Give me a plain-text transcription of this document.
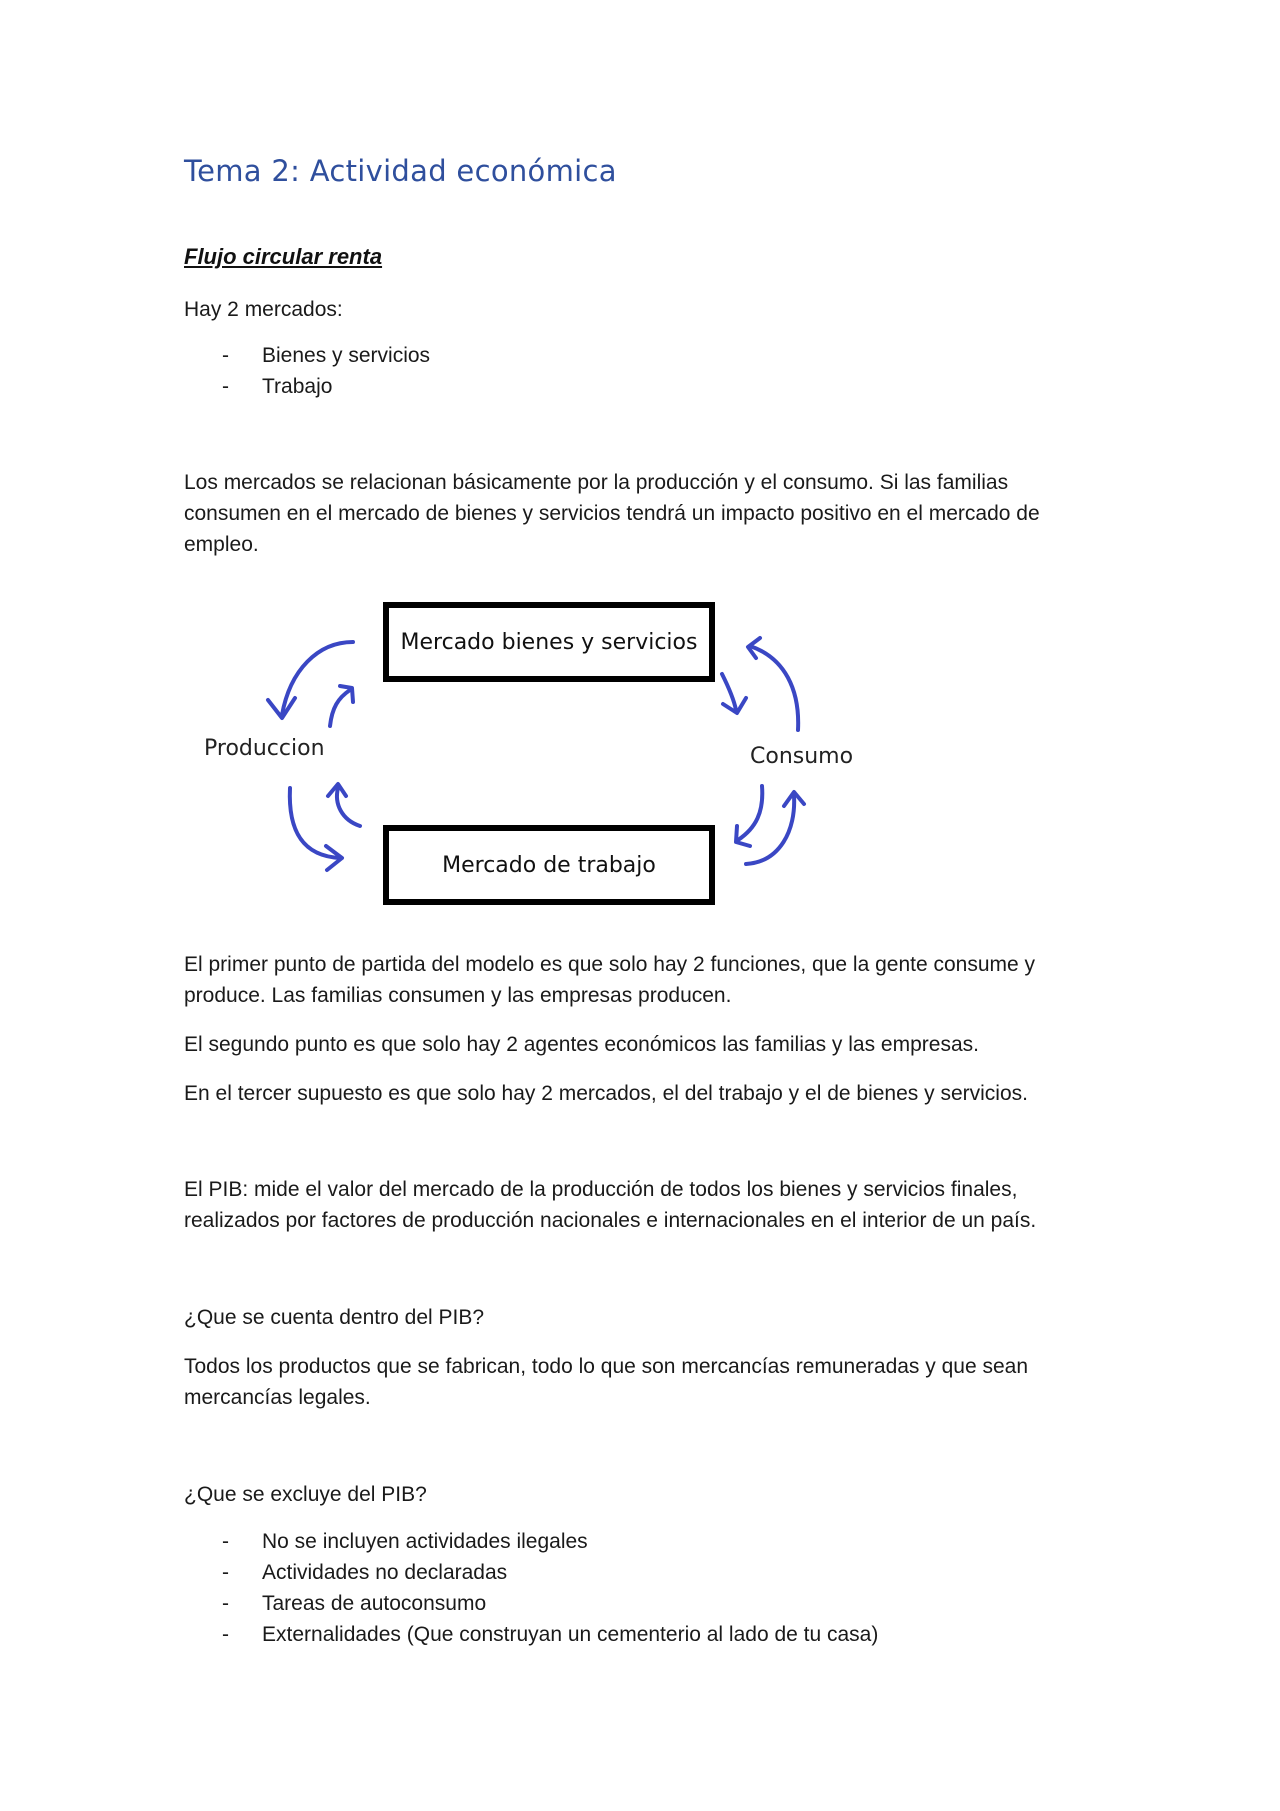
Tema 2: Actividad económica
Flujo circular renta
Hay 2 mercados:
- Bienes y servicios
- Trabajo
Los mercados se relacionan básicamente por la producción y el consumo. Si las familias consumen en el mercado de bienes y servicios tendrá un impacto positivo en el mercado de empleo.
Mercado bienes y servicios
Mercado de trabajo
Produccion	Consumo
El primer punto de partida del modelo es que solo hay 2 funciones, que la gente consume y produce. Las familias consumen y las empresas producen.
El segundo punto es que solo hay 2 agentes económicos las familias y las empresas.
En el tercer supuesto es que solo hay 2 mercados, el del trabajo y el de bienes y servicios.
El PIB: mide el valor del mercado de la producción de todos los bienes y servicios finales, realizados por factores de producción nacionales e internacionales en el interior de un país.
¿Que se cuenta dentro del PIB?
Todos los productos que se fabrican, todo lo que son mercancías remuneradas y que sean mercancías legales.
¿Que se excluye del PIB?
- No se incluyen actividades ilegales
- Actividades no declaradas
- Tareas de autoconsumo
- Externalidades (Que construyan un cementerio al lado de tu casa)
